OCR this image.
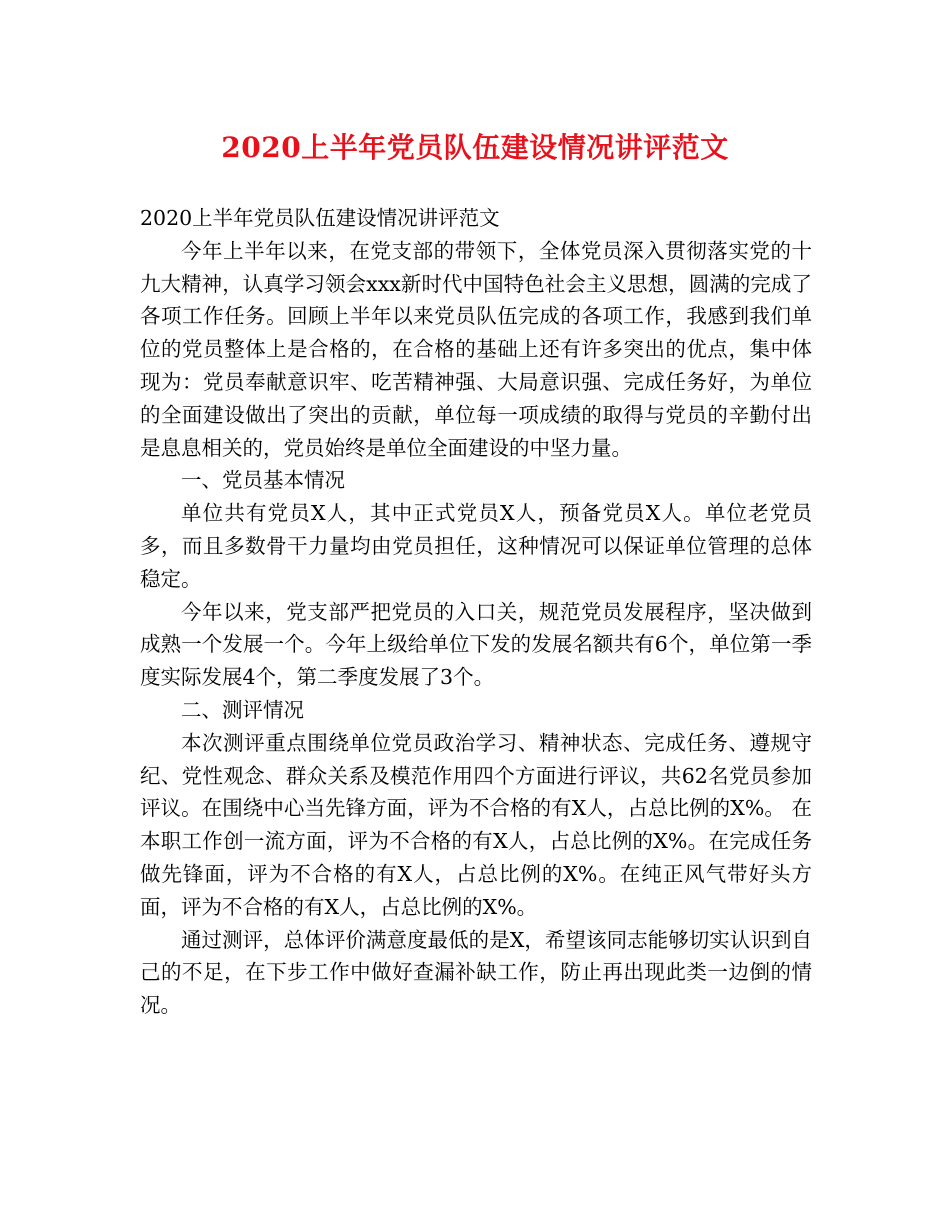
2020上半年党员队伍建设情况讲评范文

2020上半年党员队伍建设情况讲评范文

今年上半年以来，在党支部的带领下，全体党员深入贯彻落实党的十九大精神，认真学习领会xxx新时代中国特色社会主义思想，圆满的完成了各项工作任务。回顾上半年以来党员队伍完成的各项工作，我感到我们单位的党员整体上是合格的，在合格的基础上还有许多突出的优点，集中体现为：党员奉献意识牢、吃苦精神强、大局意识强、完成任务好，为单位的全面建设做出了突出的贡献，单位每一项成绩的取得与党员的辛勤付出是息息相关的，党员始终是单位全面建设的中坚力量。

一、党员基本情况

单位共有党员X人，其中正式党员X人，预备党员X人。单位老党员多，而且多数骨干力量均由党员担任，这种情况可以保证单位管理的总体稳定。

今年以来，党支部严把党员的入口关，规范党员发展程序，坚决做到成熟一个发展一个。今年上级给单位下发的发展名额共有6个，单位第一季度实际发展4个，第二季度发展了3个。

二、测评情况

本次测评重点围绕单位党员政治学习、精神状态、完成任务、遵规守纪、党性观念、群众关系及模范作用四个方面进行评议，共62名党员参加评议。在围绕中心当先锋方面，评为不合格的有X人，占总比例的X%。 在本职工作创一流方面，评为不合格的有X人，占总比例的X%。在完成任务做先锋面，评为不合格的有X人，占总比例的X%。在纯正风气带好头方面，评为不合格的有X人，占总比例的X%。

通过测评，总体评价满意度最低的是X，希望该同志能够切实认识到自己的不足，在下步工作中做好查漏补缺工作，防止再出现此类一边倒的情况。
